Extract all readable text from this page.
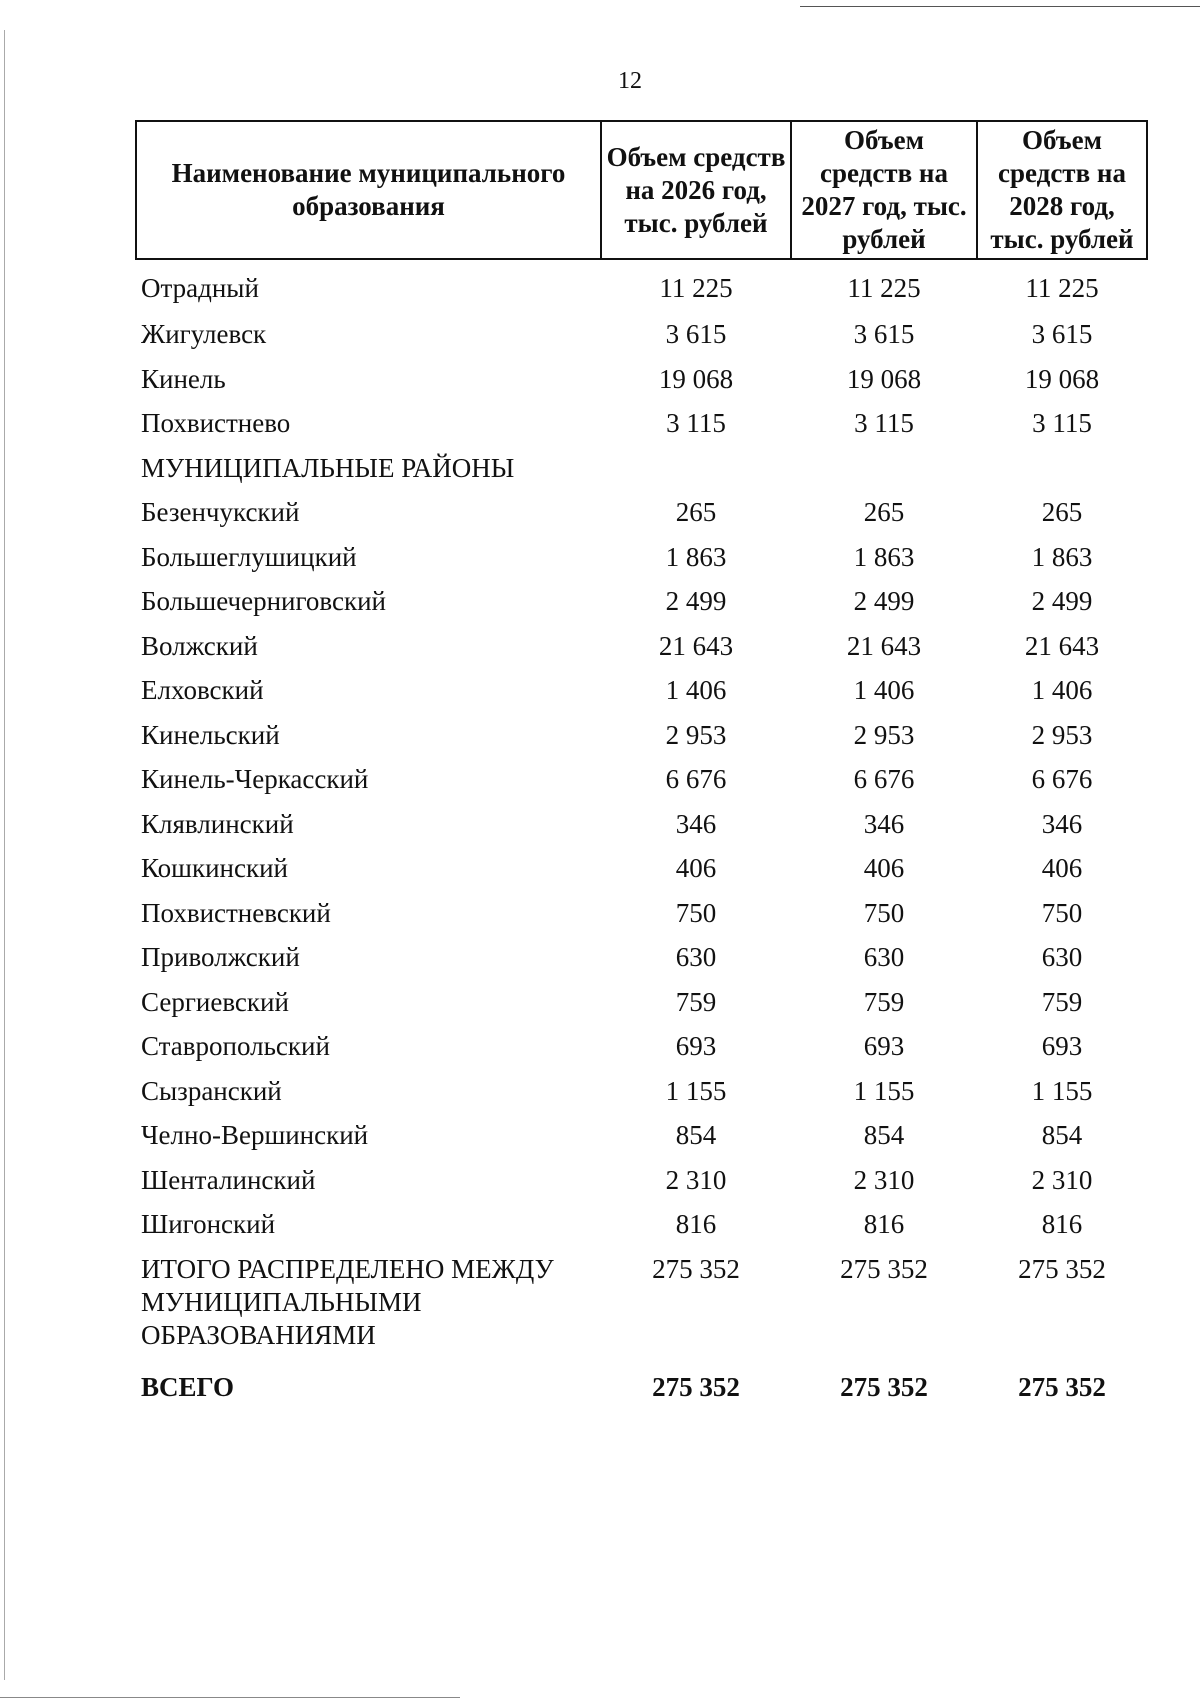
12
Наименование муниципального образования	Объем средств на 2026 год, тыс. рублей	Объем средств на 2027 год, тыс. рублей	Объем средств на 2028 год, тыс. рублей
Отрадный	11 225	11 225	11 225
Жигулевск	3 615	3 615	3 615
Кинель	19 068	19 068	19 068
Похвистнево	3 115	3 115	3 115
МУНИЦИПАЛЬНЫЕ РАЙОНЫ			
Безенчукский	265	265	265
Большеглушицкий	1 863	1 863	1 863
Большечерниговский	2 499	2 499	2 499
Волжский	21 643	21 643	21 643
Елховский	1 406	1 406	1 406
Кинельский	2 953	2 953	2 953
Кинель-Черкасский	6 676	6 676	6 676
Клявлинский	346	346	346
Кошкинский	406	406	406
Похвистневский	750	750	750
Приволжский	630	630	630
Сергиевский	759	759	759
Ставропольский	693	693	693
Сызранский	1 155	1 155	1 155
Челно-Вершинский	854	854	854
Шенталинский	2 310	2 310	2 310
Шигонский	816	816	816
ИТОГО РАСПРЕДЕЛЕНО МЕЖДУ МУНИЦИПАЛЬНЫМИ ОБРАЗОВАНИЯМИ	275 352	275 352	275 352
ВСЕГО	275 352	275 352	275 352
